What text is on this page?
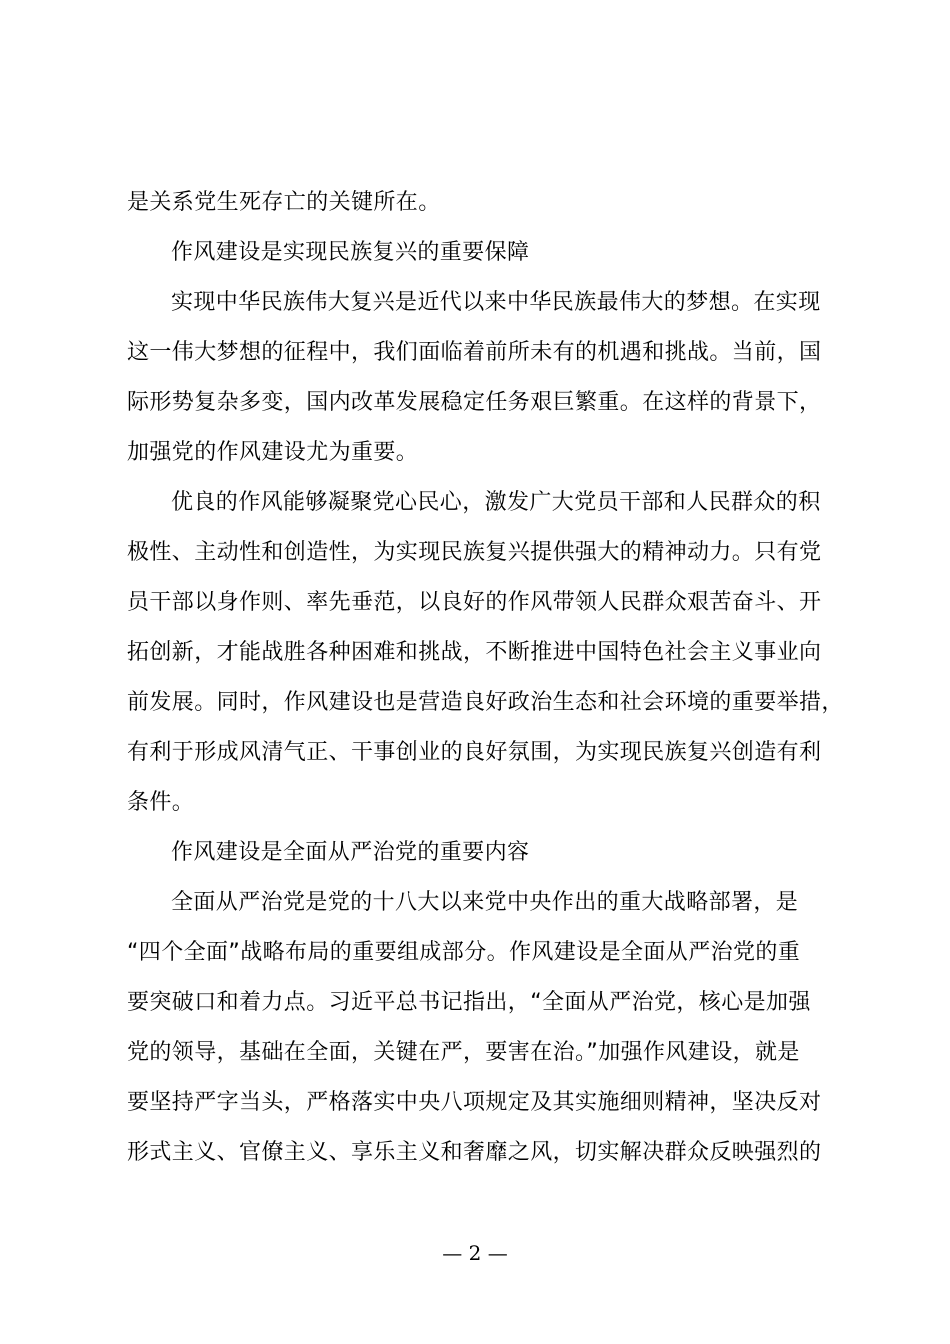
是关系党生死存亡的关键所在。
作风建设是实现民族复兴的重要保障
实现中华民族伟大复兴是近代以来中华民族最伟大的梦想。在实现
这一伟大梦想的征程中，我们面临着前所未有的机遇和挑战。当前，国
际形势复杂多变，国内改革发展稳定任务艰巨繁重。在这样的背景下，
加强党的作风建设尤为重要。
优良的作风能够凝聚党心民心，激发广大党员干部和人民群众的积
极性、主动性和创造性，为实现民族复兴提供强大的精神动力。只有党
员干部以身作则、率先垂范，以良好的作风带领人民群众艰苦奋斗、开
拓创新，才能战胜各种困难和挑战，不断推进中国特色社会主义事业向
前发展。同时，作风建设也是营造良好政治生态和社会环境的重要举措，
有利于形成风清气正、干事创业的良好氛围，为实现民族复兴创造有利
条件。
作风建设是全面从严治党的重要内容
全面从严治党是党的十八大以来党中央作出的重大战略部署，是
“四个全面”战略布局的重要组成部分。作风建设是全面从严治党的重
要突破口和着力点。习近平总书记指出，“全面从严治党，核心是加强
党的领导，基础在全面，关键在严，要害在治。”加强作风建设，就是
要坚持严字当头，严格落实中央八项规定及其实施细则精神，坚决反对
形式主义、官僚主义、享乐主义和奢靡之风，切实解决群众反映强烈的
— 2 —
